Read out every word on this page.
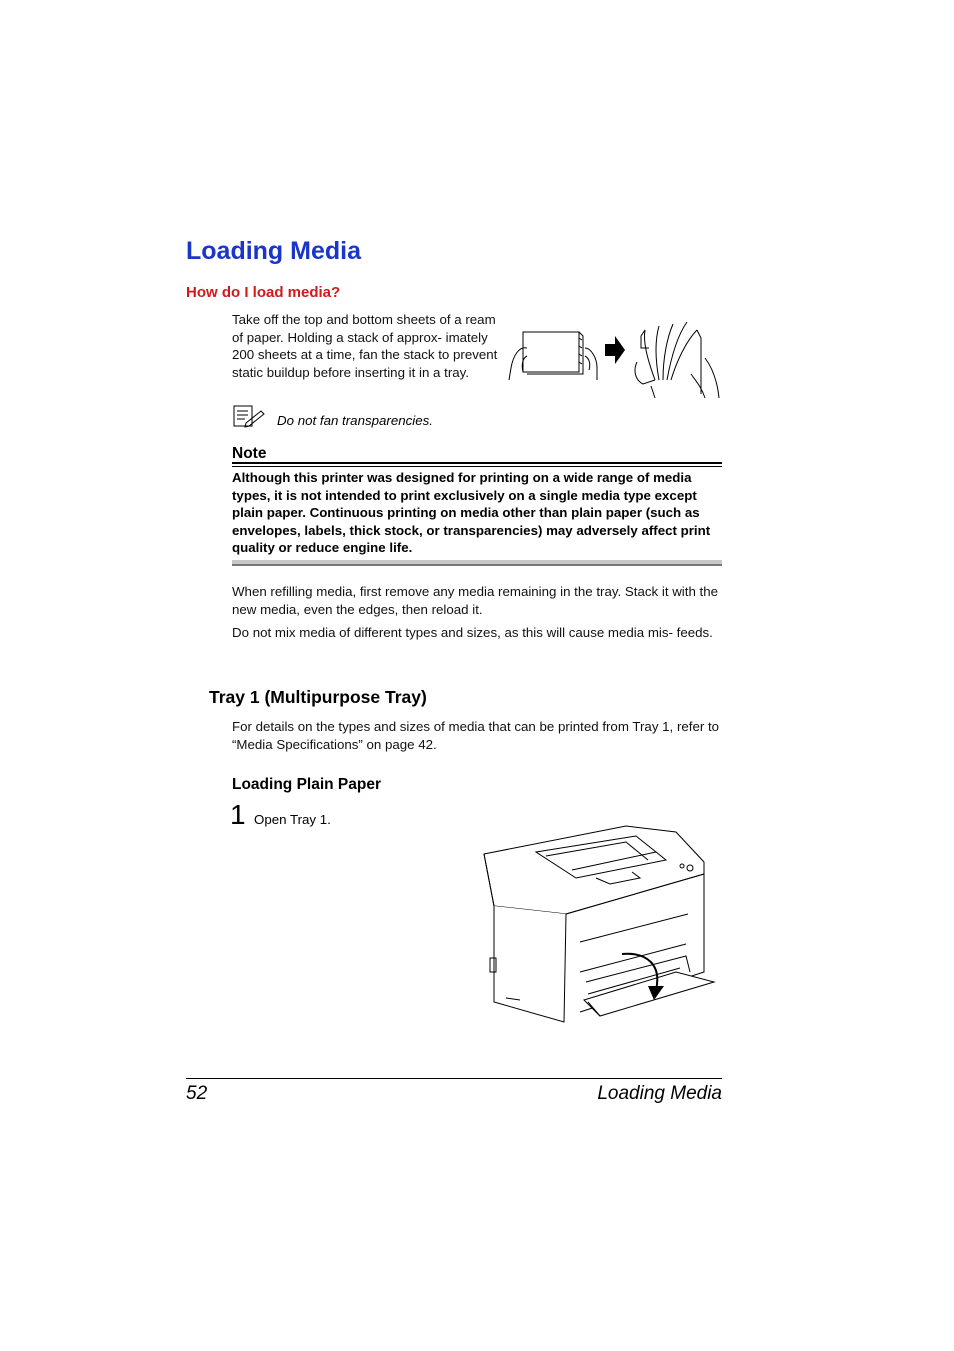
Loading Media
How do I load media?
Take off the top and bottom sheets of a ream of paper. Holding a stack of approx- imately 200 sheets at a time, fan the stack to prevent static buildup before inserting it in a tray.
Do not fan transparencies.
Note
Although this printer was designed for printing on a wide range of media types, it is not intended to print exclusively on a single media type except plain paper. Continuous printing on media other than plain paper (such as envelopes, labels, thick stock, or transparencies) may adversely affect print quality or reduce engine life.
When refilling media, first remove any media remaining in the tray. Stack it with the new media, even the edges, then reload it.
Do not mix media of different types and sizes, as this will cause media mis- feeds.
Tray 1 (Multipurpose Tray)
For details on the types and sizes of media that can be printed from Tray 1, refer to “Media Specifications” on page 42.
Loading Plain Paper
1 Open Tray 1.
52	Loading Media
